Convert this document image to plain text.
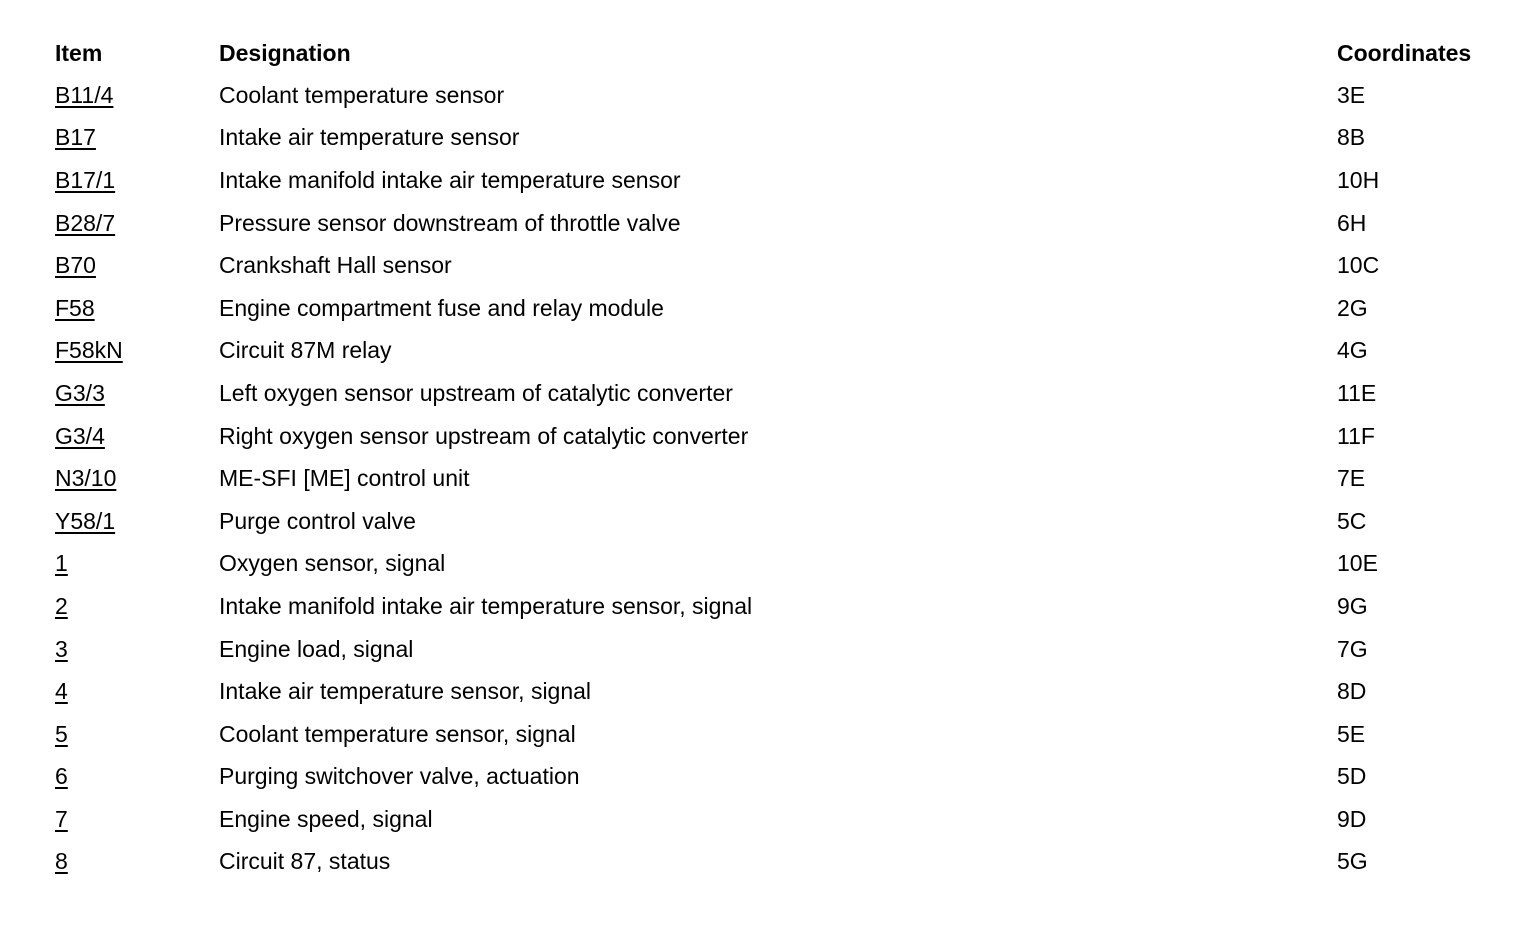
Item	Designation	Coordinates
B11/4	Coolant temperature sensor	3E
B17	Intake air temperature sensor	8B
B17/1	Intake manifold intake air temperature sensor	10H
B28/7	Pressure sensor downstream of throttle valve	6H
B70	Crankshaft Hall sensor	10C
F58	Engine compartment fuse and relay module	2G
F58kN	Circuit 87M relay	4G
G3/3	Left oxygen sensor upstream of catalytic converter	11E
G3/4	Right oxygen sensor upstream of catalytic converter	11F
N3/10	ME-SFI [ME] control unit	7E
Y58/1	Purge control valve	5C
1	Oxygen sensor, signal	10E
2	Intake manifold intake air temperature sensor, signal	9G
3	Engine load, signal	7G
4	Intake air temperature sensor, signal	8D
5	Coolant temperature sensor, signal	5E
6	Purging switchover valve, actuation	5D
7	Engine speed, signal	9D
8	Circuit 87, status	5G
